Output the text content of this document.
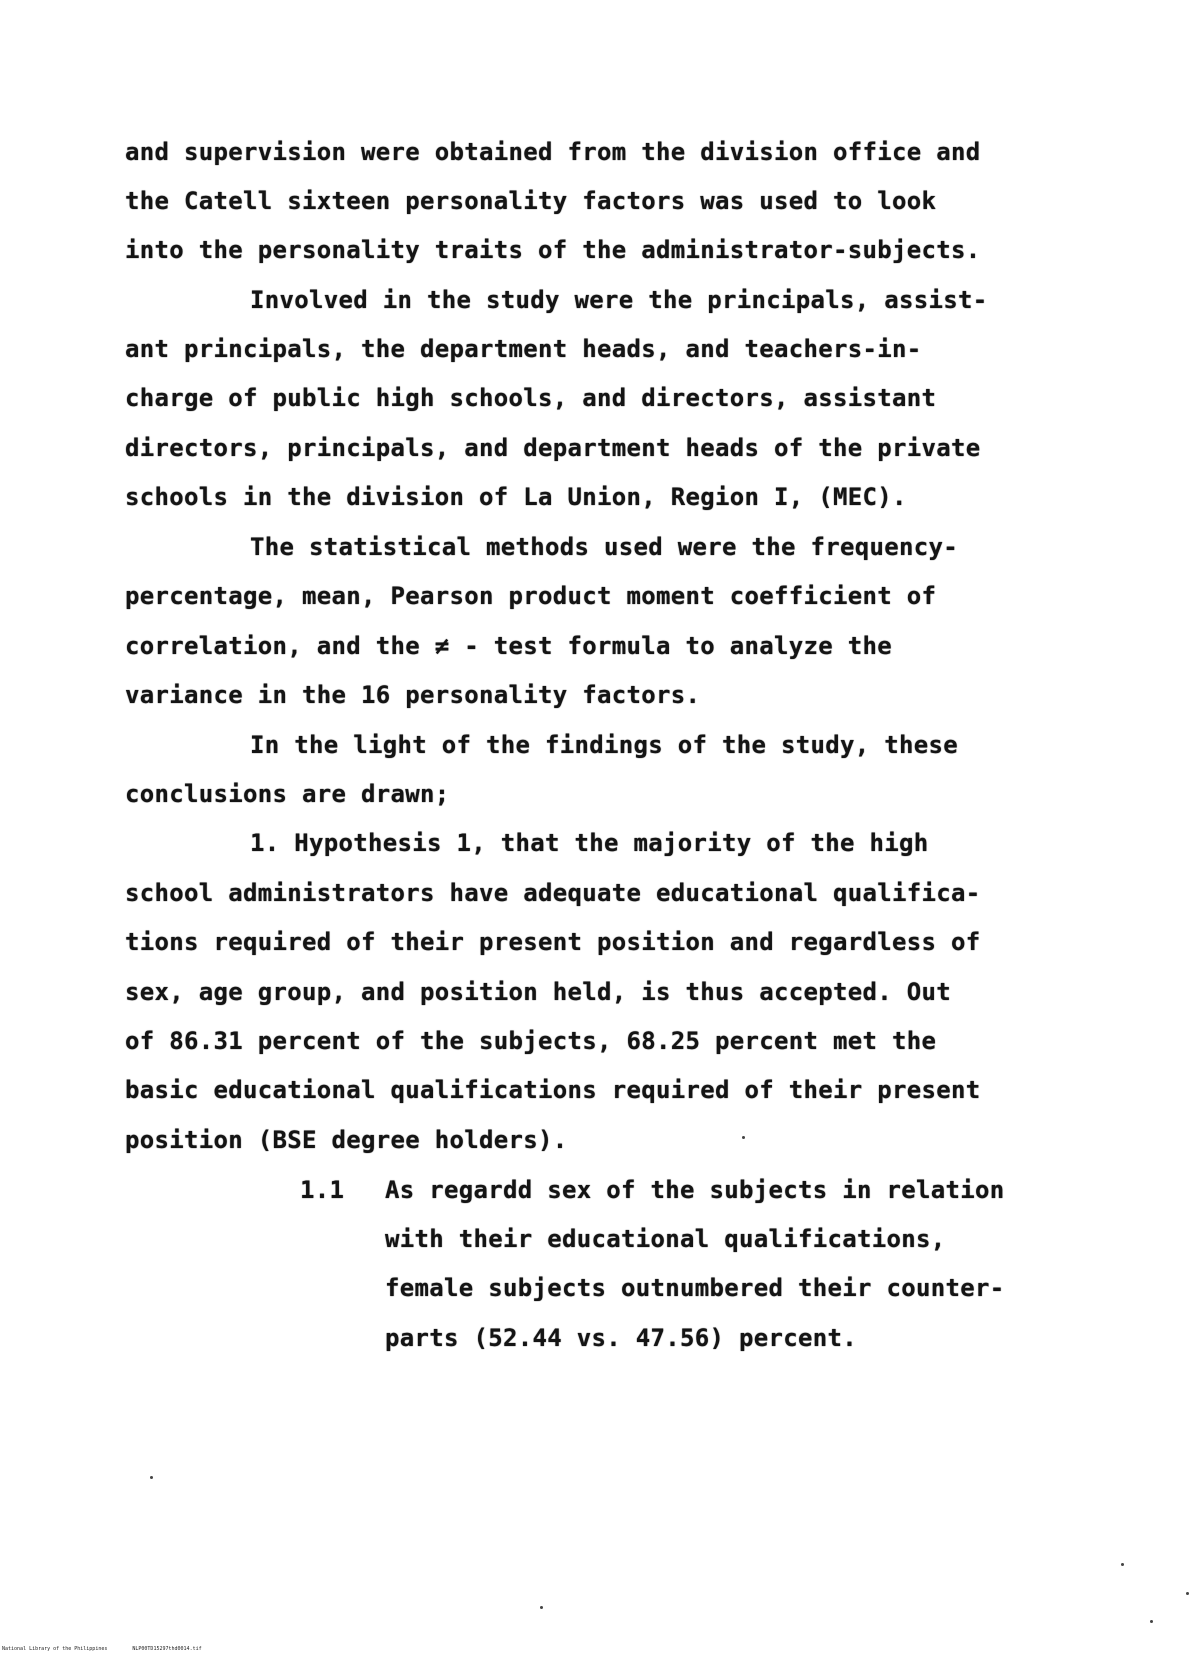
and supervision were obtained from the division office and
the Catell sixteen personality factors was used to look
into the personality traits of the administrator-subjects.
Involved in the study were the principals, assist-
ant principals, the department heads, and teachers-in-
charge of public high schools, and directors, assistant
directors, principals, and department heads of the private
schools in the division of La Union, Region I, (MEC).
The statistical methods used were the frequency-
percentage, mean, Pearson product moment coefficient of
correlation, and the ≠ - test formula to analyze the
variance in the 16 personality factors.
In the light of the findings of the study, these
conclusions are drawn;
1. Hypothesis 1, that the majority of the high
school administrators have adequate educational qualifica-
tions required of their present position and regardless of
sex, age group, and position held, is thus accepted. Out
of 86.31 percent of the subjects, 68.25 percent met the
basic educational qualifications required of their present
position (BSE degree holders).
1.1 As regardd sex of the subjects in relation
with their educational qualifications,
female subjects outnumbered their counter-
parts (52.44 vs. 47.56) percent.
National Library of the Philippines	NLP00TD15297thd0014.tif
